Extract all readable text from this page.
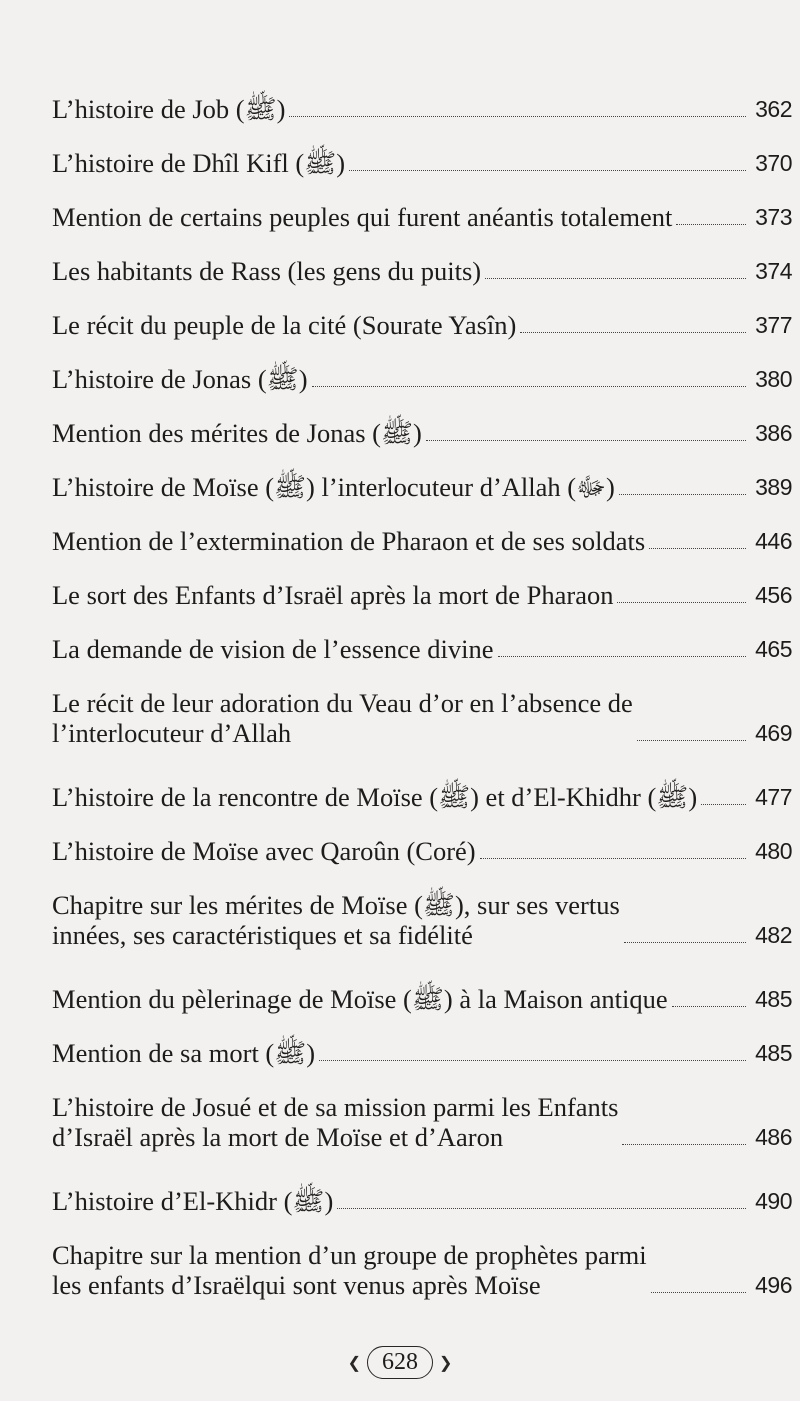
L’histoire de Job (ﷺ)	362
L’histoire de Dhîl Kifl (ﷺ)	370
Mention de certains peuples qui furent anéantis totalement	373
Les habitants de Rass (les gens du puits)	374
Le récit du peuple de la cité (Sourate Yasîn)	377
L’histoire de Jonas (ﷺ)	380
Mention des mérites de Jonas (ﷺ)	386
L’histoire de Moïse (ﷺ) l’interlocuteur d’Allah (ﷻ)	389
Mention de l’extermination de Pharaon et de ses soldats	446
Le sort des Enfants d’Israël après la mort de Pharaon	456
La demande de vision de l’essence divine	465
Le récit de leur adoration du Veau d’or en l’absence de
l’interlocuteur d’Allah	469
L’histoire de la rencontre de Moïse (ﷺ) et d’El-Khidhr (ﷺ)	477
L’histoire de Moïse avec Qaroûn (Coré)	480
Chapitre sur les mérites de Moïse (ﷺ), sur ses vertus
innées, ses caractéristiques et sa fidélité	482
Mention du pèlerinage de Moïse (ﷺ) à la Maison antique	485
Mention de sa mort (ﷺ)	485
L’histoire de Josué et de sa mission parmi les Enfants
d’Israël après la mort de Moïse et d’Aaron	486
L’histoire d’El-Khidr (ﷺ)	490
Chapitre sur la mention d’un groupe de prophètes parmi
les enfants d’Israëlqui sont venus après Moïse	496
❮ 628	❯
